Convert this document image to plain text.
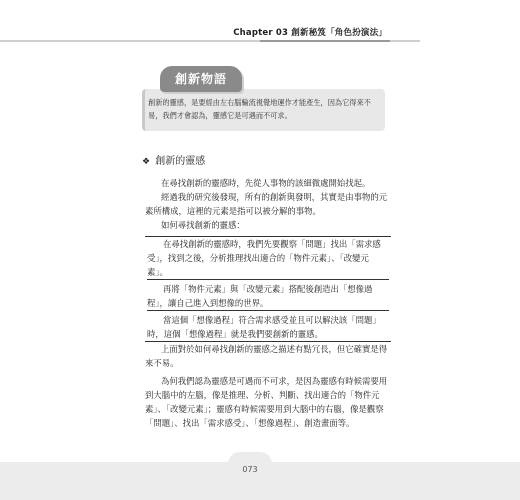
Chapter 03 創新秘笈「角色扮演法」
創新物語
創新的靈感，是要經由左右腦輪流視覺地運作才能產生，因為它得來不易，我們才會認為，靈感它是可遇而不可求。
❖ 創新的靈感

在尋找創新的靈感時，先從人事物的該細微處開始找起。

經過我的研究後發現，所有的創新與發明，其實是由事物的元素所構成，這裡的元素是指可以被分解的事物。

如何尋找創新的靈感：

在尋找創新的靈感時，我們先要觀察「問題」找出「需求感受」，找到之後，分析推理找出適合的「物件元素」、「改變元素」。

再將「物件元素」與「改變元素」搭配後創造出「想像過程」，讓自己進入到想像的世界。

當這個「想像過程」符合需求感受並且可以解決該「問題」時，這個「想像過程」就是我們要創新的靈感。

上面對於如何尋找創新的靈感之描述有點冗長，但它確實是得來不易。

為何我們認為靈感是可遇而不可求，是因為靈感有時候需要用到大腦中的左腦，像是推理、分析、判斷、找出適合的「物件元素」、「改變元素」；靈感有時候需要用到大腦中的右腦，像是觀察「問題」、找出「需求感受」、「想像過程」、創造畫面等。

073
